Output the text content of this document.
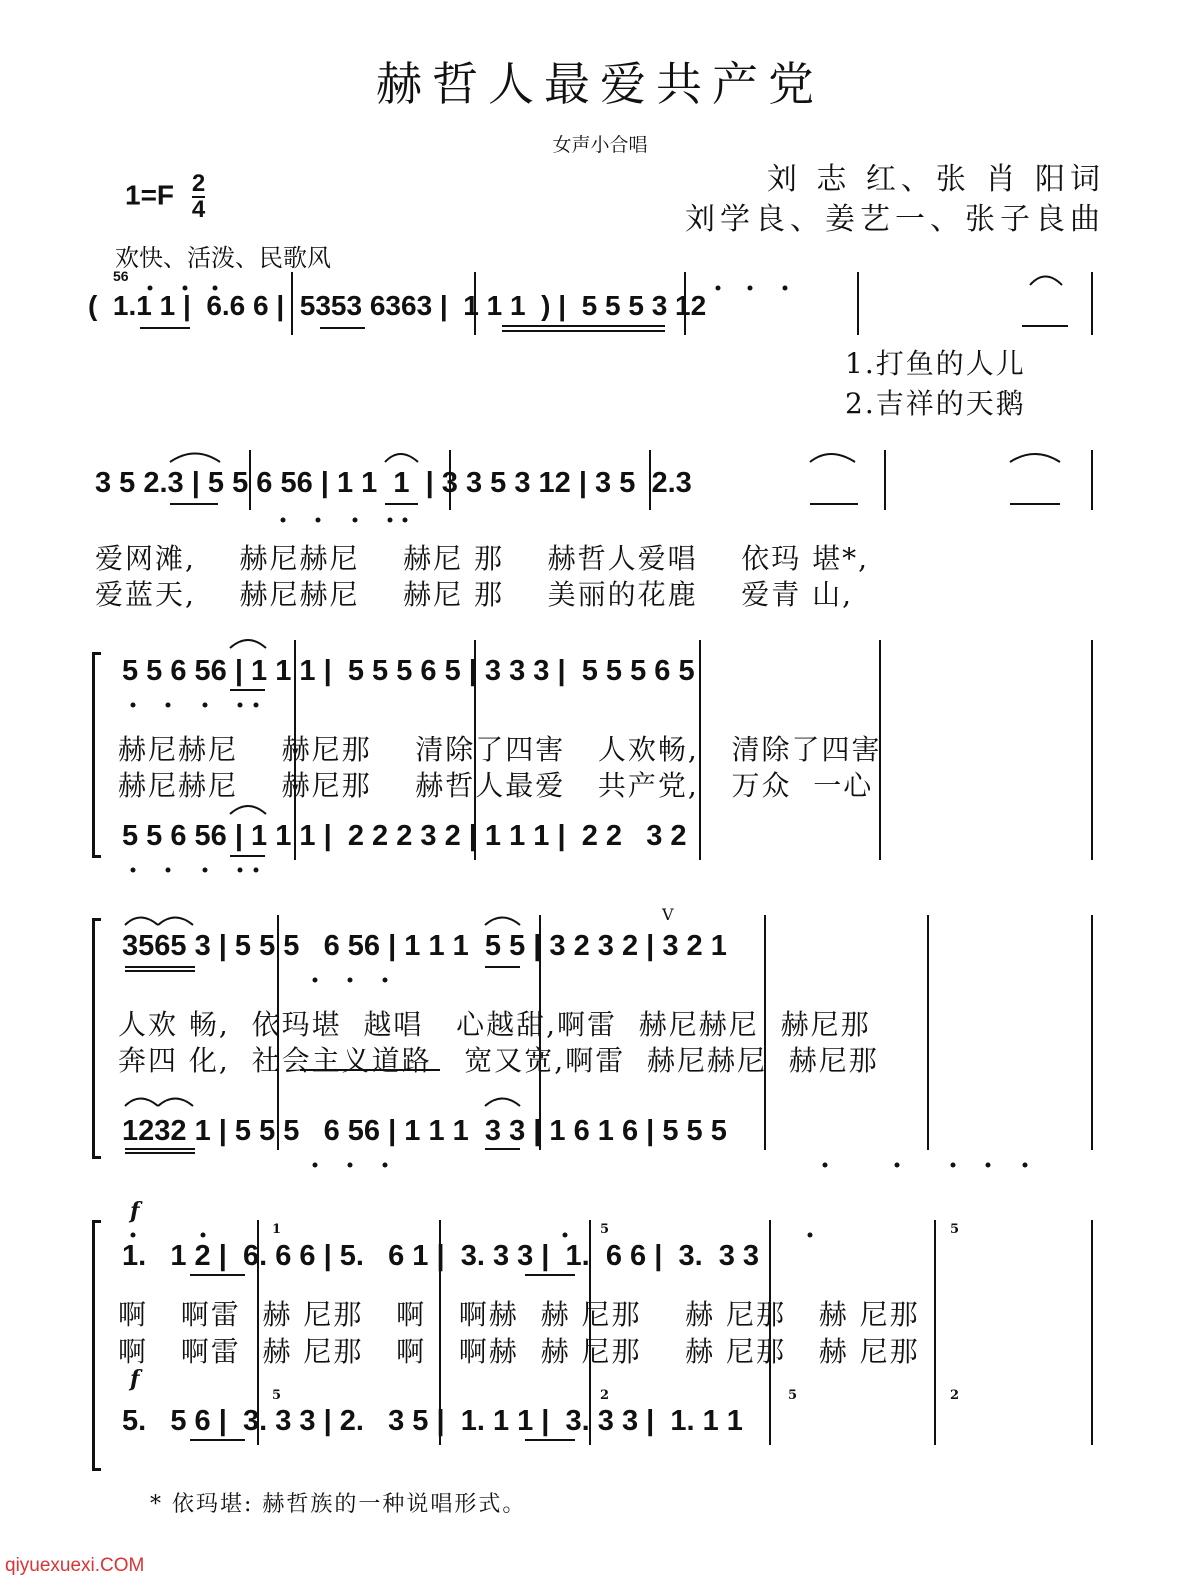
赫哲人最爱共产党
女声小合唱
刘 志 红、张 肖 阳词
刘学良、姜艺一、张子良曲
$1=F \frac{2}{4}$
欢快、活泼、民歌风
(  1.1 1 |  6.6 6 |  5353 6363 |  1 1 1  ) |  5 5 5 3 12
56
1.打鱼的人儿
2.吉祥的天鹅
3 5 2.3 | 5 5 6 56 | 1 1  1  | 3 3 5 3 12 | 3 5  2.3
爱网滩,    赫尼赫尼    赫尼 那    赫哲人爱唱    依玛 堪*,
爱蓝天,    赫尼赫尼    赫尼 那    美丽的花鹿    爱青 山,
5 5 6 56 | 1 1 1 |  5 5 5 6 5 | 3 3 3 |  5 5 5 6 5
赫尼赫尼    赫尼那    清除了四害   人欢畅,   清除了四害
赫尼赫尼    赫尼那    赫哲人最爱   共产党,   万众  一心
5 5 6 56 | 1 1 1 |  2 2 2 3 2 | 1 1 1 |  2 2   3 2
3565 3 | 5 5 5   6 56 | 1 1 1  5 5 | 3 2 3 2 | 3 2 1
V
人欢 畅,  依玛堪  越唱   心越甜,啊雷  赫尼赫尼  赫尼那
奔四 化,  社会主义道路   宽又宽,啊雷  赫尼赫尼  赫尼那
1232 1 | 5 5 5   6 56 | 1 1 1  3 3 | 1 6 1 6 | 5 5 5
f
1.   1 2 |  6. 6 6 | 5.   6 1 |  3. 3 3 |  1.  6 6 |  3.  3 3
啊   啊雷  赫 尼那   啊   啊赫  赫 尼那    赫 尼那   赫 尼那
啊   啊雷  赫 尼那   啊   啊赫  赫 尼那    赫 尼那   赫 尼那
f
5.   5 6 |  3. 3 3 | 2.   3 5 |  1. 1 1 |  3. 3 3 |  1. 1 1
1	5	5
5	2	5	2
* 依玛堪: 赫哲族的一种说唱形式。
qiyuexuexi.COM
